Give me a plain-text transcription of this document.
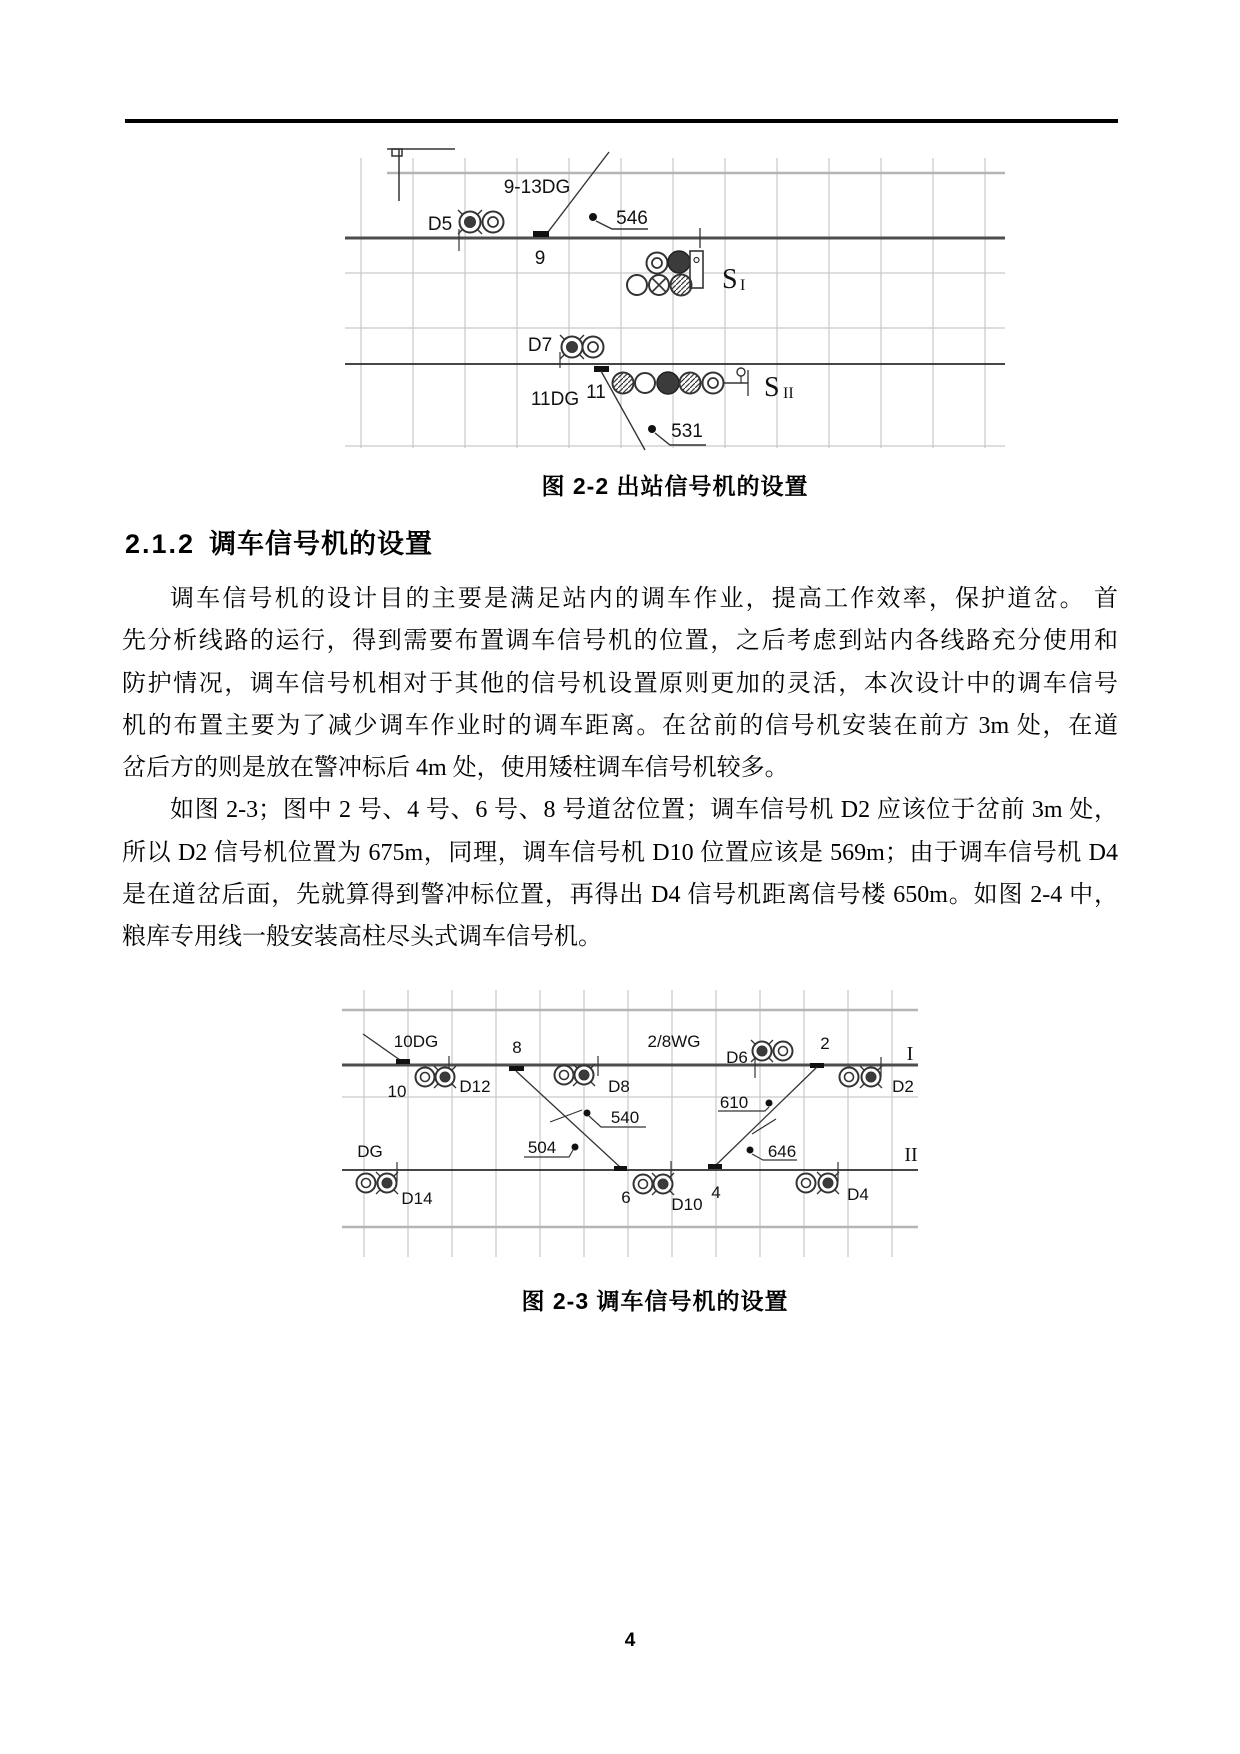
9-13DG
9
D5	546
S I
D7
11
11DG	S II
531
图 2-2 出站信号机的设置
2.1.2 调车信号机的设置
调车信号机的设计目的主要是满足站内的调车作业，提高工作效率，保护道岔。 首
先分析线路的运行，得到需要布置调车信号机的位置，之后考虑到站内各线路充分使用和
防护情况，调车信号机相对于其他的信号机设置原则更加的灵活，本次设计中的调车信号
机的布置主要为了减少调车作业时的调车距离。在岔前的信号机安装在前方 3m 处，在道
岔后方的则是放在警冲标后 4m 处，使用矮柱调车信号机较多。
如图 2-3；图中 2 号、4 号、6 号、8 号道岔位置；调车信号机 D2 应该位于岔前 3m 处，
所以 D2 信号机位置为 675m，同理，调车信号机 D10 位置应该是 569m；由于调车信号机 D4
是在道岔后面，先就算得到警冲标位置，再得出 D4 信号机距离信号楼 650m。如图 2-4 中，
粮库专用线一般安装高柱尽头式调车信号机。
10DG
10	D12
8
D8
540
504
2/8WG
D6
2
610
646
D2
I
II
DG
D14	6 D10
4	D4
图 2-3 调车信号机的设置
4
